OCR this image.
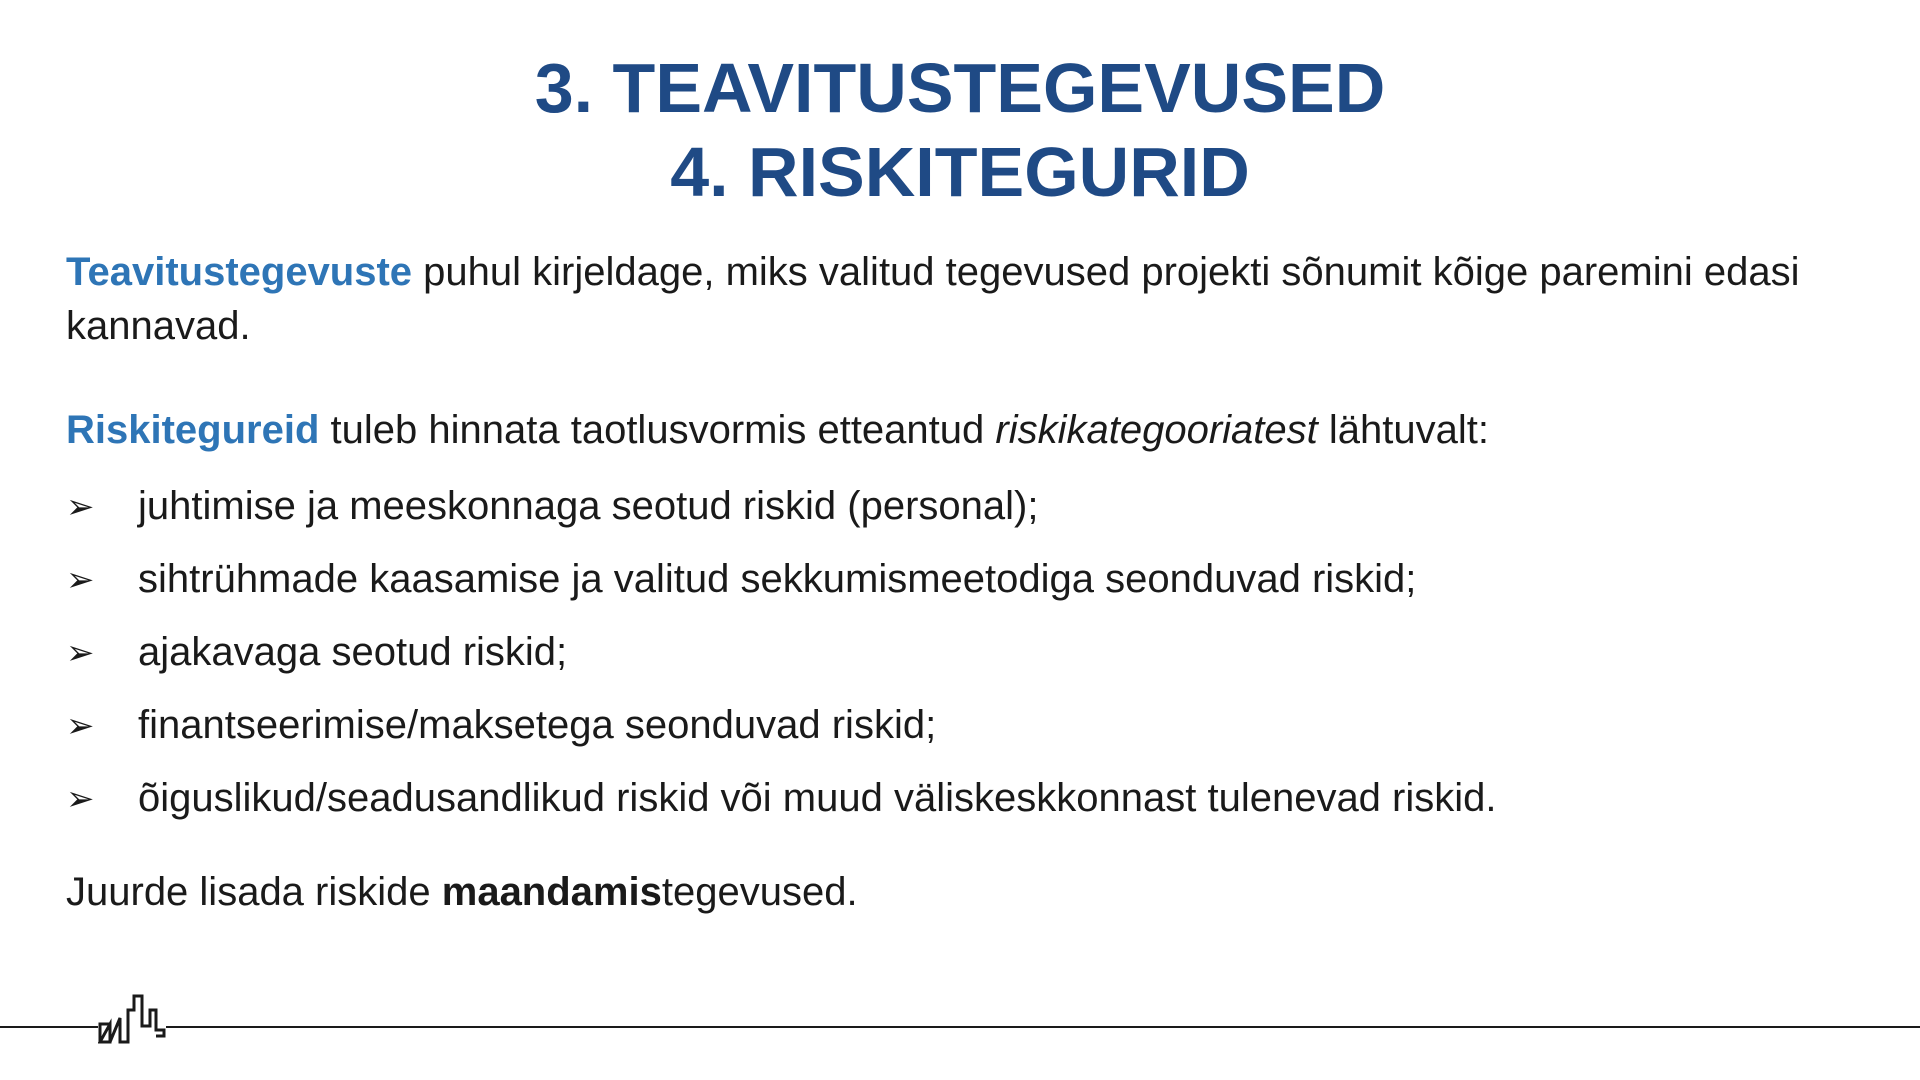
3. TEAVITUSTEGEVUSED
4. RISKITEGURID

Teavitustegevuste puhul kirjeldage, miks valitud tegevused projekti sõnumit kõige paremini edasi kannavad.

Riskitegureid tuleb hinnata taotlusvormis etteantud riskikategooriatest lähtuvalt:

➢	juhtimise ja meeskonnaga seotud riskid (personal);
➢	sihtrühmade kaasamise ja valitud sekkumismeetodiga seonduvad riskid;
➢	ajakavaga seotud riskid;
➢	finantseerimise/maksetega seonduvad riskid;
➢	õiguslikud/seadusandlikud riskid või muud väliskeskkonnast tulenevad riskid.

Juurde lisada riskide maandamistegevused.
